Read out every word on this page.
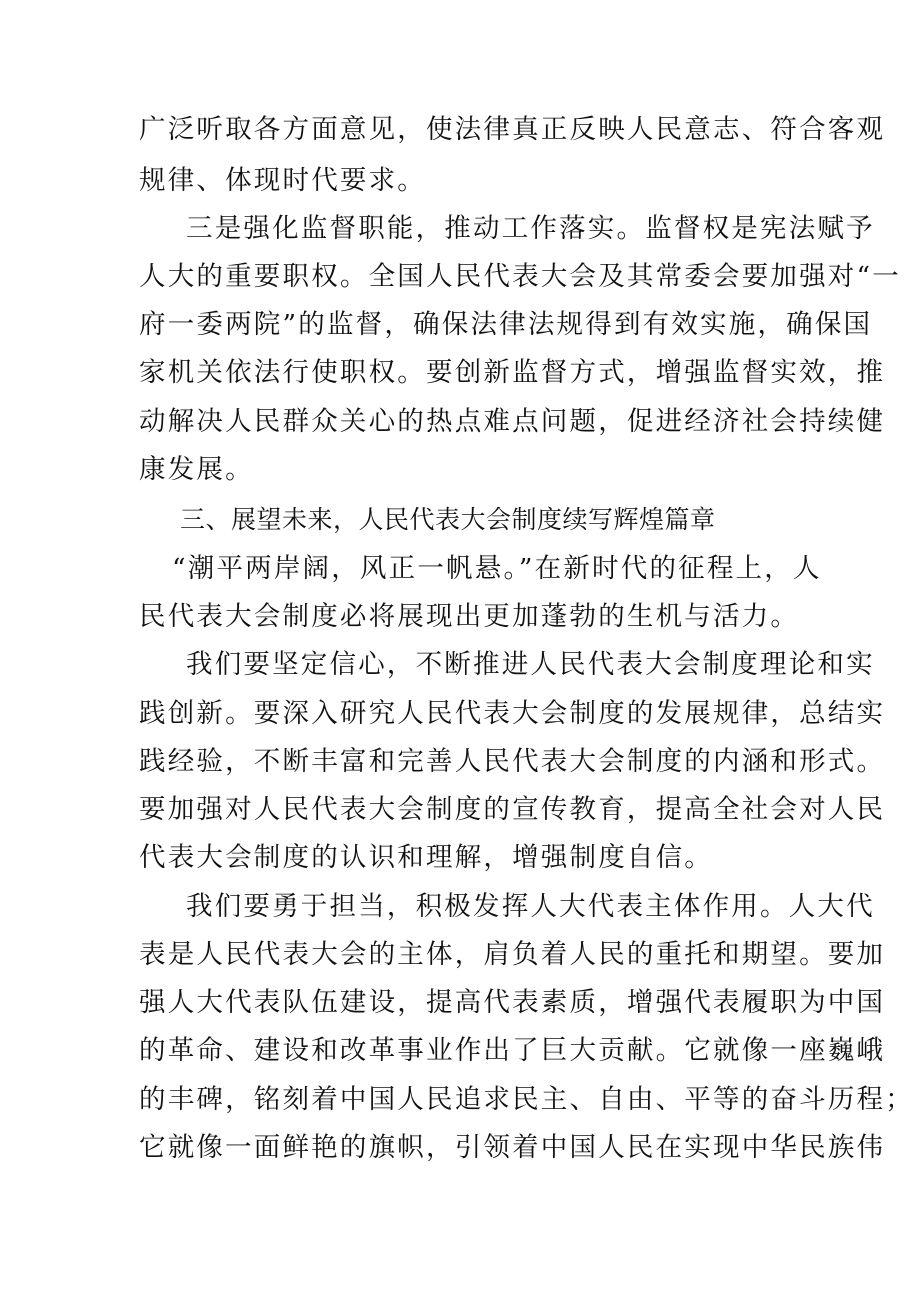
广泛听取各方面意见，使法律真正反映人民意志、符合客观
规律、体现时代要求。
三是强化监督职能，推动工作落实。监督权是宪法赋予
人大的重要职权。全国人民代表大会及其常委会要加强对“一
府一委两院”的监督，确保法律法规得到有效实施，确保国
家机关依法行使职权。要创新监督方式，增强监督实效，推
动解决人民群众关心的热点难点问题，促进经济社会持续健
康发展。
三、展望未来，人民代表大会制度续写辉煌篇章
“潮平两岸阔，风正一帆悬。”在新时代的征程上，人
民代表大会制度必将展现出更加蓬勃的生机与活力。
我们要坚定信心，不断推进人民代表大会制度理论和实
践创新。要深入研究人民代表大会制度的发展规律，总结实
践经验，不断丰富和完善人民代表大会制度的内涵和形式。
要加强对人民代表大会制度的宣传教育，提高全社会对人民
代表大会制度的认识和理解，增强制度自信。
我们要勇于担当，积极发挥人大代表主体作用。人大代
表是人民代表大会的主体，肩负着人民的重托和期望。要加
强人大代表队伍建设，提高代表素质，增强代表履职为中国
的革命、建设和改革事业作出了巨大贡献。它就像一座巍峨
的丰碑，铭刻着中国人民追求民主、自由、平等的奋斗历程；
它就像一面鲜艳的旗帜，引领着中国人民在实现中华民族伟
